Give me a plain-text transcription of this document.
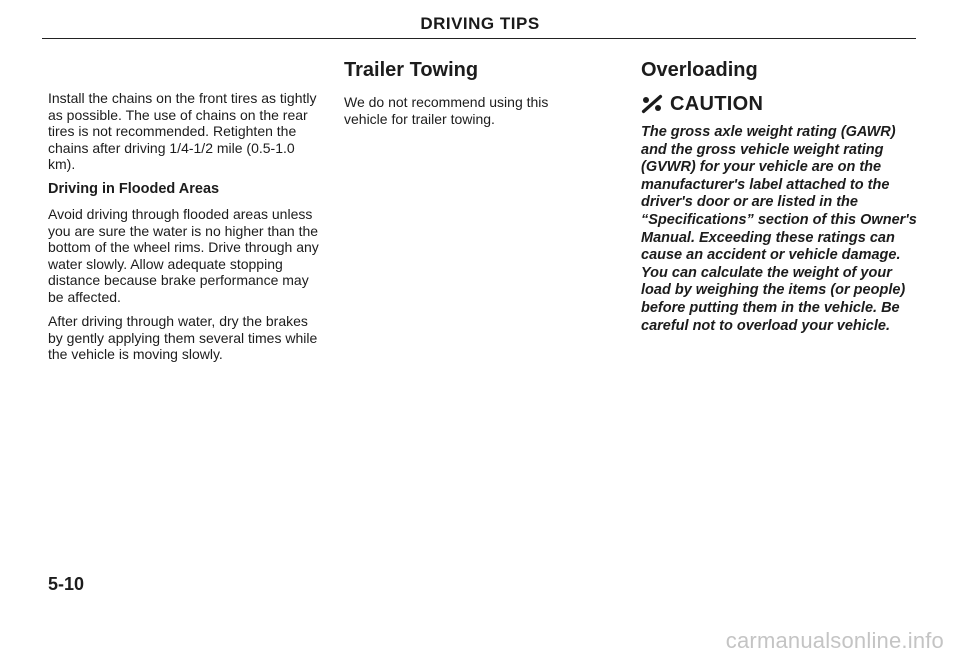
DRIVING TIPS

Install the chains on the front tires as tightly as possible. The use of chains on the rear tires is not recommended. Retighten the chains after driving 1/4-1/2 mile (0.5-1.0 km).

Driving in Flooded Areas

Avoid driving through flooded areas unless you are sure the water is no higher than the bottom of the wheel rims. Drive through any water slowly. Allow adequate stopping distance because brake performance may be affected.

After driving through water, dry the brakes by gently applying them several times while the vehicle is moving slowly.

Trailer Towing

We do not recommend using this vehicle for trailer towing.

Overloading
CAUTION

The gross axle weight rating (GAWR) and the gross vehicle weight rating (GVWR) for your vehicle are on the manufacturer's label attached to the driver's door or are listed in the “Specifications” section of this Owner's Manual. Exceeding these ratings can cause an accident or vehicle damage. You can calculate the weight of your load by weighing the items (or people) before putting them in the vehicle. Be careful not to overload your vehicle.

5-10
carmanualsonline.info
